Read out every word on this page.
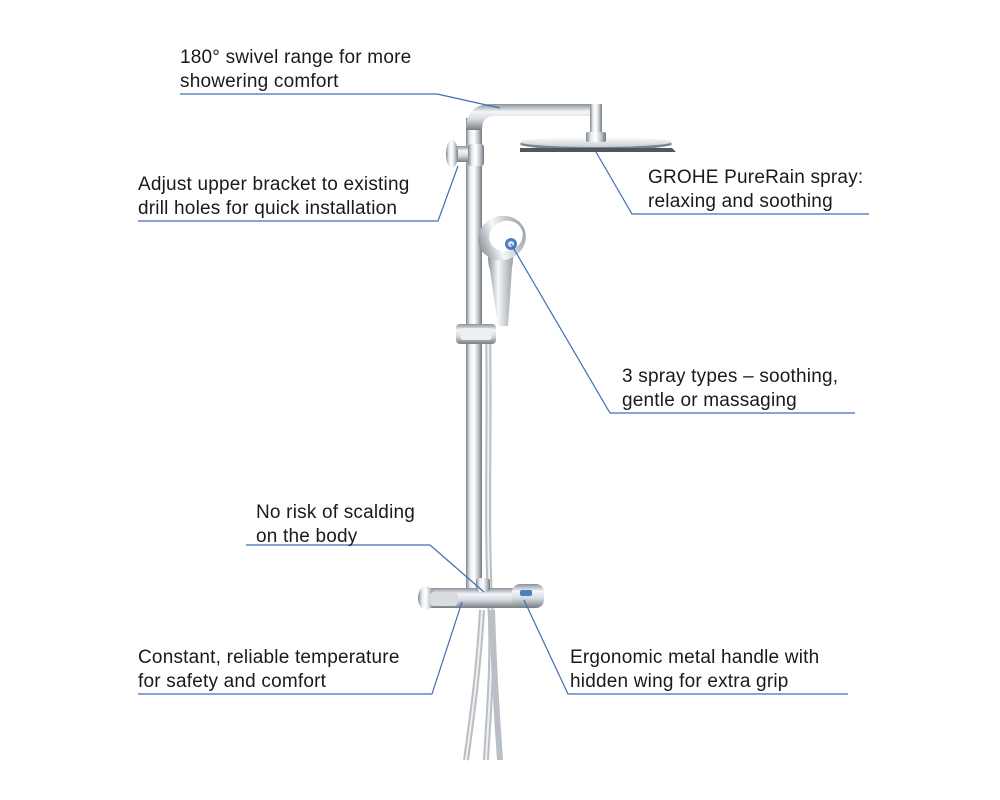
180° swivel range for more
showering comfort
Adjust upper bracket to existing
drill holes for quick installation
GROHE PureRain spray:
relaxing and soothing
3 spray types – soothing,
gentle or massaging
No risk of scalding
on the body
Constant, reliable temperature
for safety and comfort
Ergonomic metal handle with
hidden wing for extra grip
